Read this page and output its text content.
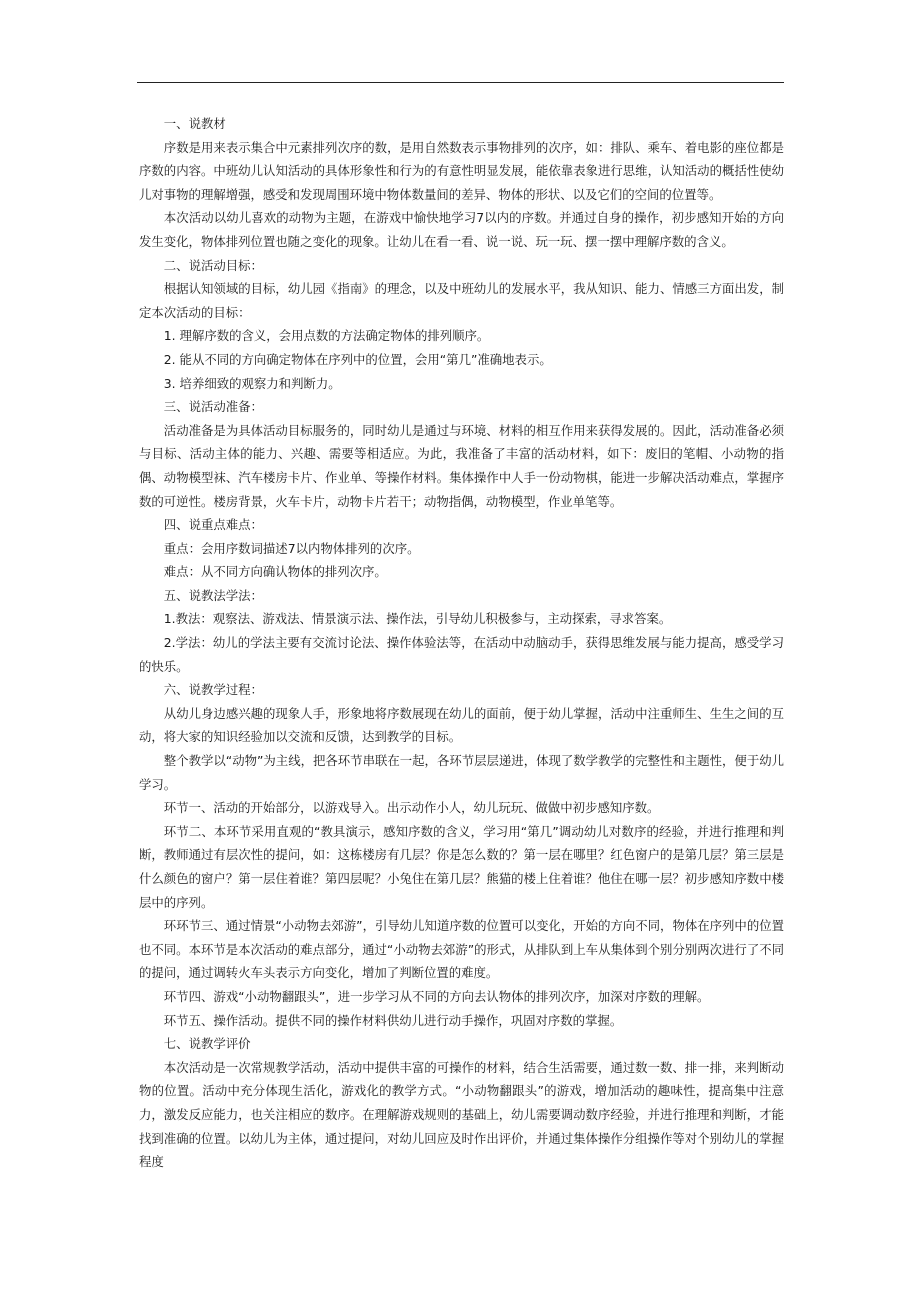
一、说教材

序数是用来表示集合中元素排列次序的数，是用自然数表示事物排列的次序，如：排队、乘车、着电影的座位都是序数的内容。中班幼儿认知活动的具体形象性和行为的有意性明显发展，能依靠表象进行思维，认知活动的概括性使幼儿对事物的理解增强，感受和发现周围环境中物体数量间的差异、物体的形状、以及它们的空间的位置等。

本次活动以幼儿喜欢的动物为主题，在游戏中愉快地学习7以内的序数。并通过自身的操作，初步感知开始的方向发生变化，物体排列位置也随之变化的现象。让幼儿在看一看、说一说、玩一玩、摆一摆中理解序数的含义。

二、说活动目标：

根据认知领域的目标，幼儿园《指南》的理念，以及中班幼儿的发展水平，我从知识、能力、情感三方面出发，制定本次活动的目标：

1. 理解序数的含义，会用点数的方法确定物体的排列顺序。

2. 能从不同的方向确定物体在序列中的位置，会用“第几”准确地表示。

3. 培养细致的观察力和判断力。

三、说活动准备：

活动准备是为具体活动目标服务的，同时幼儿是通过与环境、材料的相互作用来获得发展的。因此，活动准备必须与目标、活动主体的能力、兴趣、需要等相适应。为此，我准备了丰富的活动材料，如下：废旧的笔帽、小动物的指偶、动物模型袜、汽车楼房卡片、作业单、等操作材料。集体操作中人手一份动物棋，能进一步解决活动难点，掌握序数的可逆性。楼房背景，火车卡片，动物卡片若干；动物指偶，动物模型，作业单笔等。

四、说重点难点：

重点：会用序数词描述7以内物体排列的次序。

难点：从不同方向确认物体的排列次序。

五、说教法学法：

1.教法：观察法、游戏法、情景演示法、操作法，引导幼儿积极参与，主动探索，寻求答案。

2.学法：幼儿的学法主要有交流讨论法、操作体验法等，在活动中动脑动手，获得思维发展与能力提高，感受学习的快乐。

六、说教学过程：

从幼儿身边感兴趣的现象人手，形象地将序数展现在幼儿的面前，便于幼儿掌握，活动中注重师生、生生之间的互动，将大家的知识经验加以交流和反馈，达到教学的目标。

整个教学以“动物”为主线，把各环节串联在一起，各环节层层递进，体现了数学教学的完整性和主题性，便于幼儿学习。

环节一、活动的开始部分，以游戏导入。出示动作小人，幼儿玩玩、做做中初步感知序数。

环节二、本环节采用直观的“教具演示，感知序数的含义，学习用“第几”调动幼儿对数序的经验，并进行推理和判断，教师通过有层次性的提问，如：这栋楼房有几层？你是怎么数的？第一层在哪里？红色窗户的是第几层？第三层是什么颜色的窗户？第一层住着谁？第四层呢？小兔住在第几层？熊猫的楼上住着谁？他住在哪一层？初步感知序数中楼层中的序列。

环环节三、通过情景“小动物去郊游”，引导幼儿知道序数的位置可以变化，开始的方向不同，物体在序列中的位置也不同。本环节是本次活动的难点部分，通过“小动物去郊游”的形式，从排队到上车从集体到个别分别两次进行了不同的提问，通过调转火车头表示方向变化，增加了判断位置的难度。

环节四、游戏“小动物翻跟头”，进一步学习从不同的方向去认物体的排列次序，加深对序数的理解。

环节五、操作活动。提供不同的操作材料供幼儿进行动手操作，巩固对序数的掌握。

七、说教学评价

本次活动是一次常规教学活动，活动中提供丰富的可操作的材料，结合生活需要，通过数一数、排一排，来判断动物的位置。活动中充分体现生活化，游戏化的教学方式。“小动物翻跟头”的游戏，增加活动的趣味性，提高集中注意力，激发反应能力，也关注相应的数序。在理解游戏规则的基础上，幼儿需要调动数序经验，并进行推理和判断，才能找到准确的位置。以幼儿为主体，通过提问，对幼儿回应及时作出评价，并通过集体操作分组操作等对个别幼儿的掌握程度
